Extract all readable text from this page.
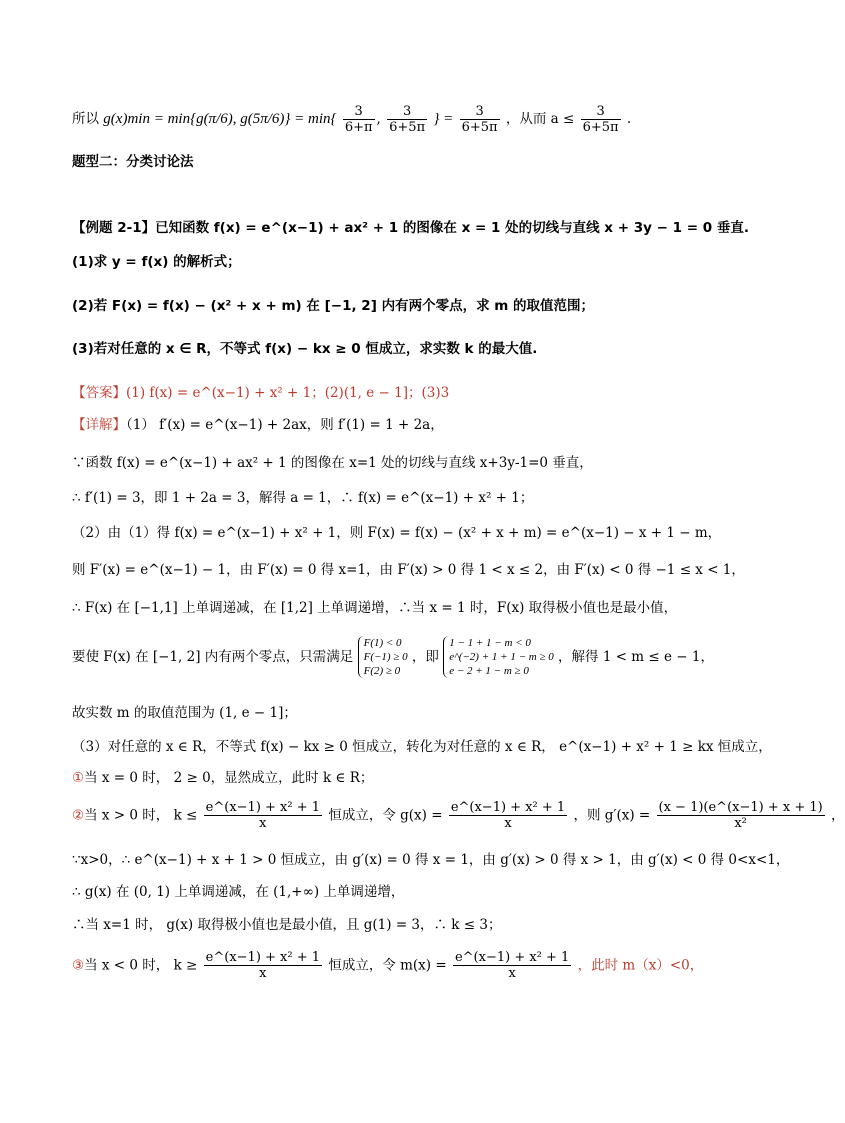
所以 g(x)min = min{g(π/6), $g(5\pi/6)\} = \min\{ \frac{3}{6+\pi}$ , $\frac{3}{6+5\pi}$ } = $\frac{3}{6+5\pi}$ ，从而 $a \le \frac{3}{6+5\pi}$ .
题型二：分类讨论法
【例题 2-1】已知函数 f(x) = e^(x−1) + ax² + 1 的图像在 x = 1 处的切线与直线 x + 3y − 1 = 0 垂直.
(1)求 y = f(x) 的解析式；
(2)若 F(x) = f(x) − (x² + x + m) 在 [−1, 2] 内有两个零点，求 m 的取值范围；
(3)若对任意的 x ∈ R，不等式 f(x) − kx ≥ 0 恒成立，求实数 k 的最大值.
【答案】(1) f(x) = e^(x−1) + x² + 1；(2)(1, e − 1]；(3)3
【详解】（1） f′(x) = e^(x−1) + 2ax，则 f′(1) = 1 + 2a，
∵函数 f(x) = e^(x−1) + ax² + 1 的图像在 x=1 处的切线与直线 x+3y-1=0 垂直，
∴ f′(1) = 3，即 1 + 2a = 3，解得 a = 1，∴ f(x) = e^(x−1) + x² + 1；
（2）由（1）得 f(x) = e^(x−1) + x² + 1，则 F(x) = f(x) − (x² + x + m) = e^(x−1) − x + 1 − m，
则 F′(x) = e^(x−1) − 1，由 F′(x) = 0 得 x=1，由 F′(x) > 0 得 1 < x ≤ 2，由 F′(x) < 0 得 −1 ≤ x < 1，
∴ F(x) 在 [−1,1] 上单调递减，在 [1,2] 上单调递增，∴当 x = 1 时，F(x) 取得极小值也是最小值，
要使 F(x) 在 [−1, 2] 内有两个零点，只需满足
F(1) < 0
F(−1) ≥ 0
F(2) ≥ 0
，即
1 − 1 + 1 − m < 0
e^(−2) + 1 + 1 − m ≥ 0
e − 2 + 1 − m ≥ 0
，解得 1 < m ≤ e − 1，
故实数 m 的取值范围为 (1, e − 1]；
（3）对任意的 x ∈ R，不等式 f(x) − kx ≥ 0 恒成立，转化为对任意的 x ∈ R， e^(x−1) + x² + 1 ≥ kx 恒成立，
①当 x = 0 时， 2 ≥ 0，显然成立，此时 k ∈ R；
②当 x > 0 时， $k \le \frac{\text{e\textasciicircum{}(x−1) + x² + 1}}{x}$ 恒成立，令 $g(x) = \frac{\text{e\textasciicircum{}(x−1) + x² + 1}}{x}$ ，则 $g'(x) = \frac{(x - 1)(e\^{}(x-1) + x + 1)}{\text{x²}}$ ，
∵x>0，∴ e^(x−1) + x + 1 > 0 恒成立，由 g′(x) = 0 得 x = 1，由 g′(x) > 0 得 x > 1，由 g′(x) < 0 得 0<x<1，
∴ g(x) 在 (0, 1) 上单调递减，在 (1,+∞) 上单调递增，
∴当 x=1 时， g(x) 取得极小值也是最小值，且 g(1) = 3，∴ k ≤ 3；
③当 x < 0 时， $k \ge \frac{\text{e\textasciicircum{}(x−1) + x² + 1}}{x}$ 恒成立，令 $m(x) = \frac{\text{e\textasciicircum{}(x−1) + x² + 1}}{x}$ ，此时 m（x）<0，
